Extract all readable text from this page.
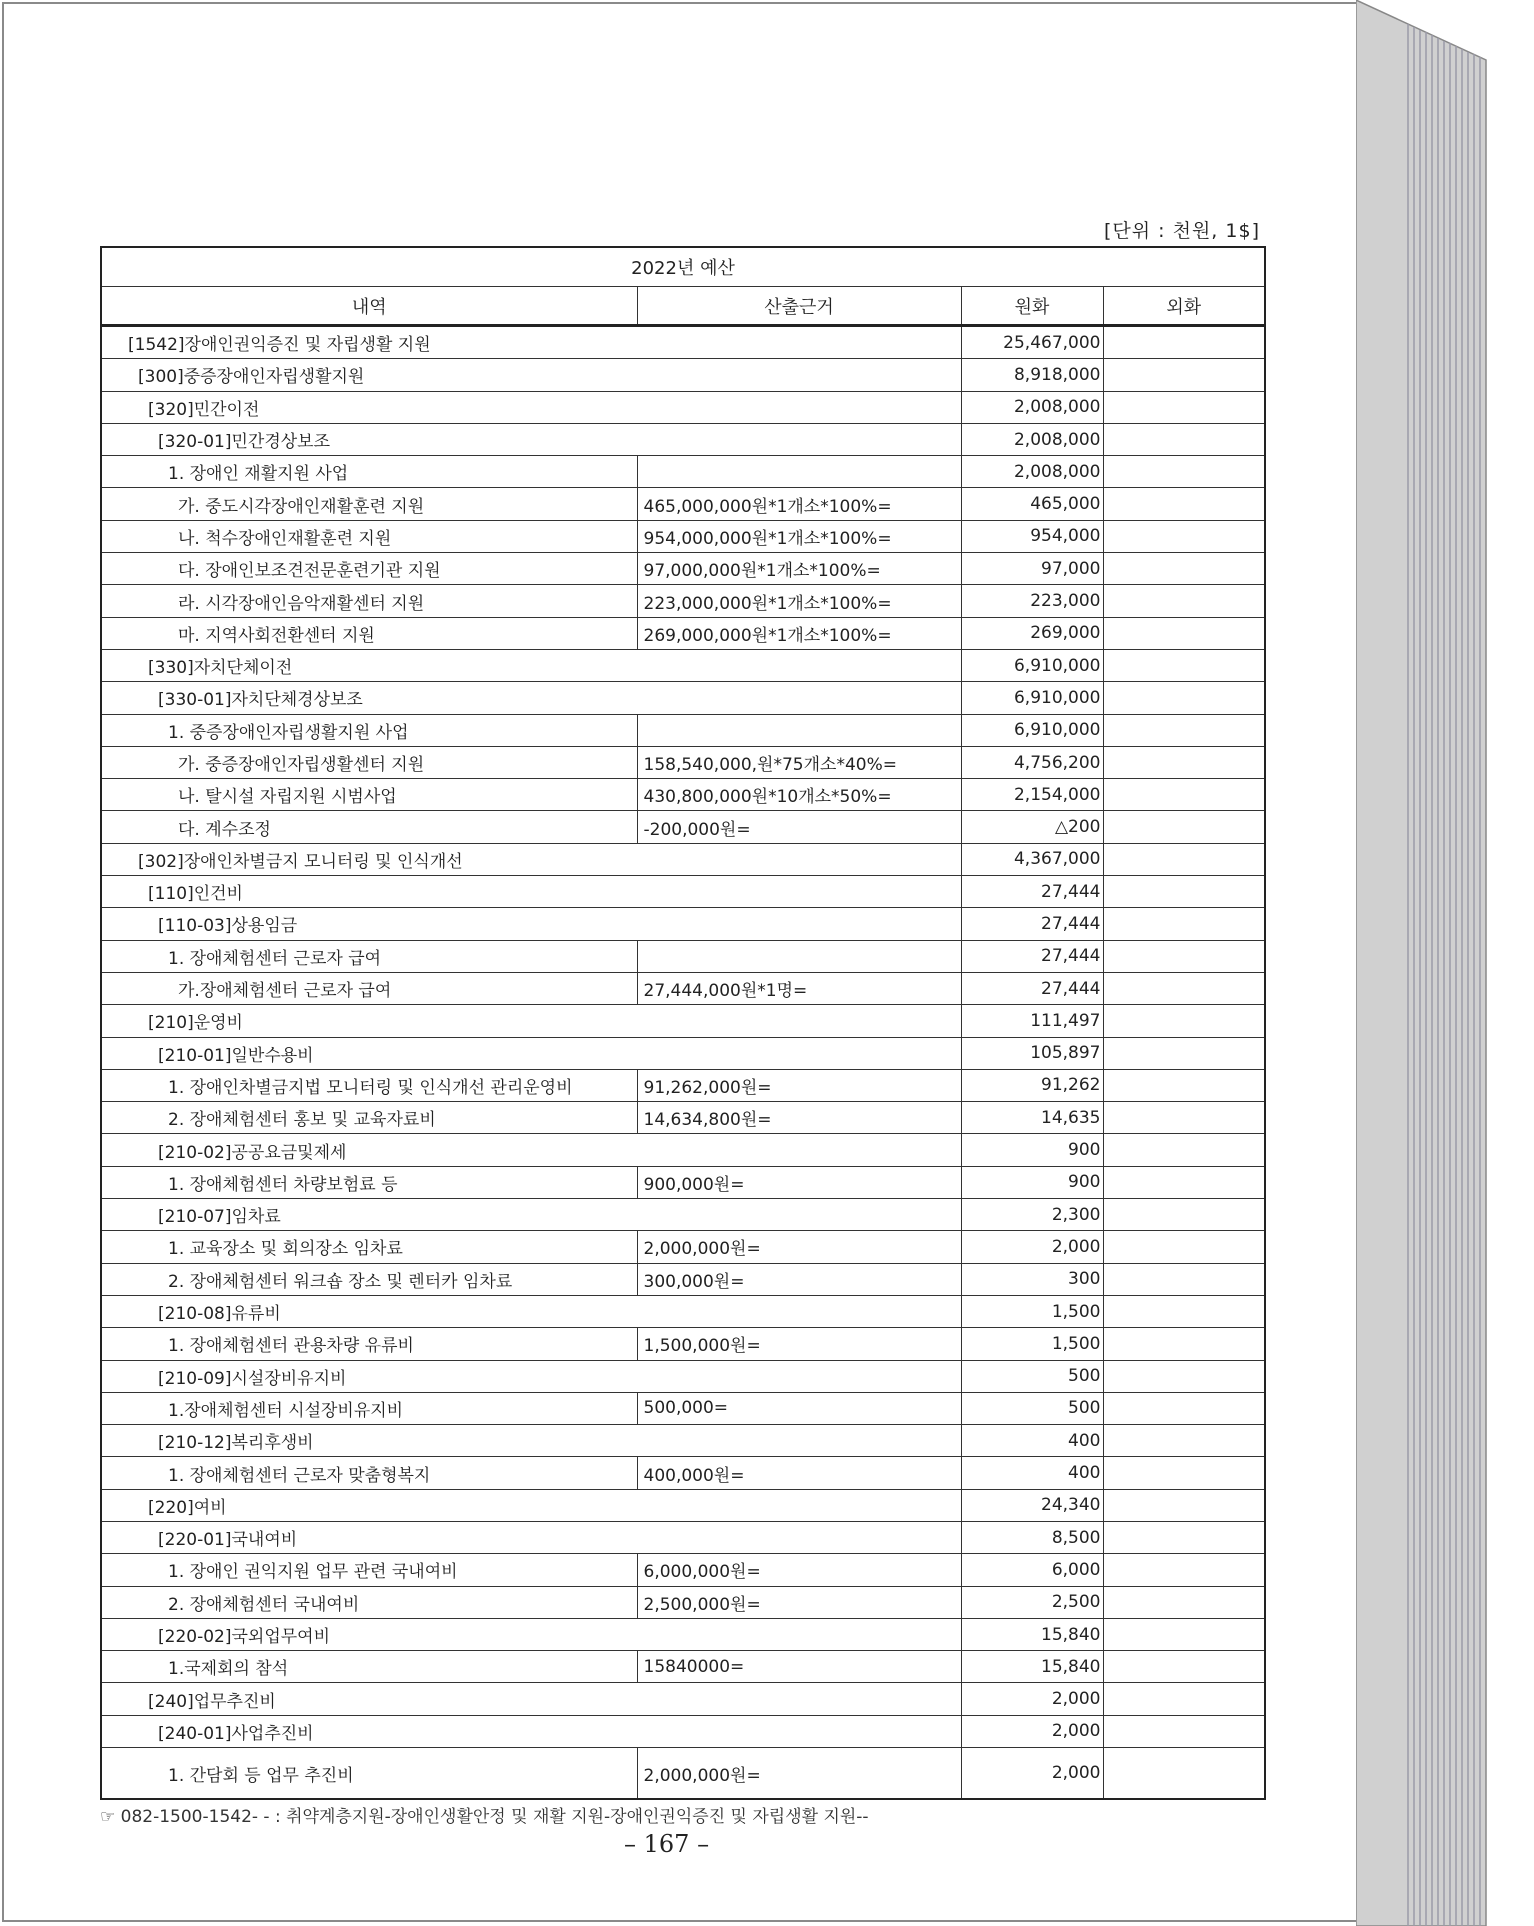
[단위 : 천원, 1$]
2022년 예산			
내역	산출근거	원화	외화
[1542]장애인권익증진 및 자립생활 지원		25,467,000	
[300]중증장애인자립생활지원		8,918,000	
[320]민간이전		2,008,000	
[320-01]민간경상보조		2,008,000	
1. 장애인 재활지원 사업		2,008,000	
가. 중도시각장애인재활훈련 지원	465,000,000원*1개소*100%=	465,000	
나. 척수장애인재활훈련 지원	954,000,000원*1개소*100%=	954,000	
다. 장애인보조견전문훈련기관 지원	97,000,000원*1개소*100%=	97,000	
라. 시각장애인음악재활센터 지원	223,000,000원*1개소*100%=	223,000	
마. 지역사회전환센터 지원	269,000,000원*1개소*100%=	269,000	
[330]자치단체이전		6,910,000	
[330-01]자치단체경상보조		6,910,000	
1. 중증장애인자립생활지원 사업		6,910,000	
가. 중증장애인자립생활센터 지원	158,540,000,원*75개소*40%=	4,756,200	
나. 탈시설 자립지원 시범사업	430,800,000원*10개소*50%=	2,154,000	
다. 계수조정	-200,000원=	△200	
[302]장애인차별금지 모니터링 및 인식개선		4,367,000	
[110]인건비		27,444	
[110-03]상용임금		27,444	
1. 장애체험센터 근로자 급여		27,444	
가.장애체험센터 근로자 급여	27,444,000원*1명=	27,444	
[210]운영비		111,497	
[210-01]일반수용비		105,897	
1. 장애인차별금지법 모니터링 및 인식개선 관리운영비	91,262,000원=	91,262	
2. 장애체험센터 홍보 및 교육자료비	14,634,800원=	14,635	
[210-02]공공요금및제세		900	
1. 장애체험센터 차량보험료 등	900,000원=	900	
[210-07]임차료		2,300	
1. 교육장소 및 회의장소 임차료	2,000,000원=	2,000	
2. 장애체험센터 워크숍 장소 및 렌터카 임차료	300,000원=	300	
[210-08]유류비		1,500	
1. 장애체험센터 관용차량 유류비	1,500,000원=	1,500	
[210-09]시설장비유지비		500	
1.장애체험센터 시설장비유지비	500,000=	500	
[210-12]복리후생비		400	
1. 장애체험센터 근로자 맞춤형복지	400,000원=	400	
[220]여비		24,340	
[220-01]국내여비		8,500	
1. 장애인 권익지원 업무 관련 국내여비	6,000,000원=	6,000	
2. 장애체험센터 국내여비	2,500,000원=	2,500	
[220-02]국외업무여비		15,840	
1.국제회의 참석	15840000=	15,840	
[240]업무추진비		2,000	
[240-01]사업추진비		2,000	
1. 간담회 등 업무 추진비	2,000,000원=	2,000	
☞ 082-1500-1542- - : 취약계층지원-장애인생활안정 및 재활 지원-장애인권익증진 및 자립생활 지원--
– 167 –
